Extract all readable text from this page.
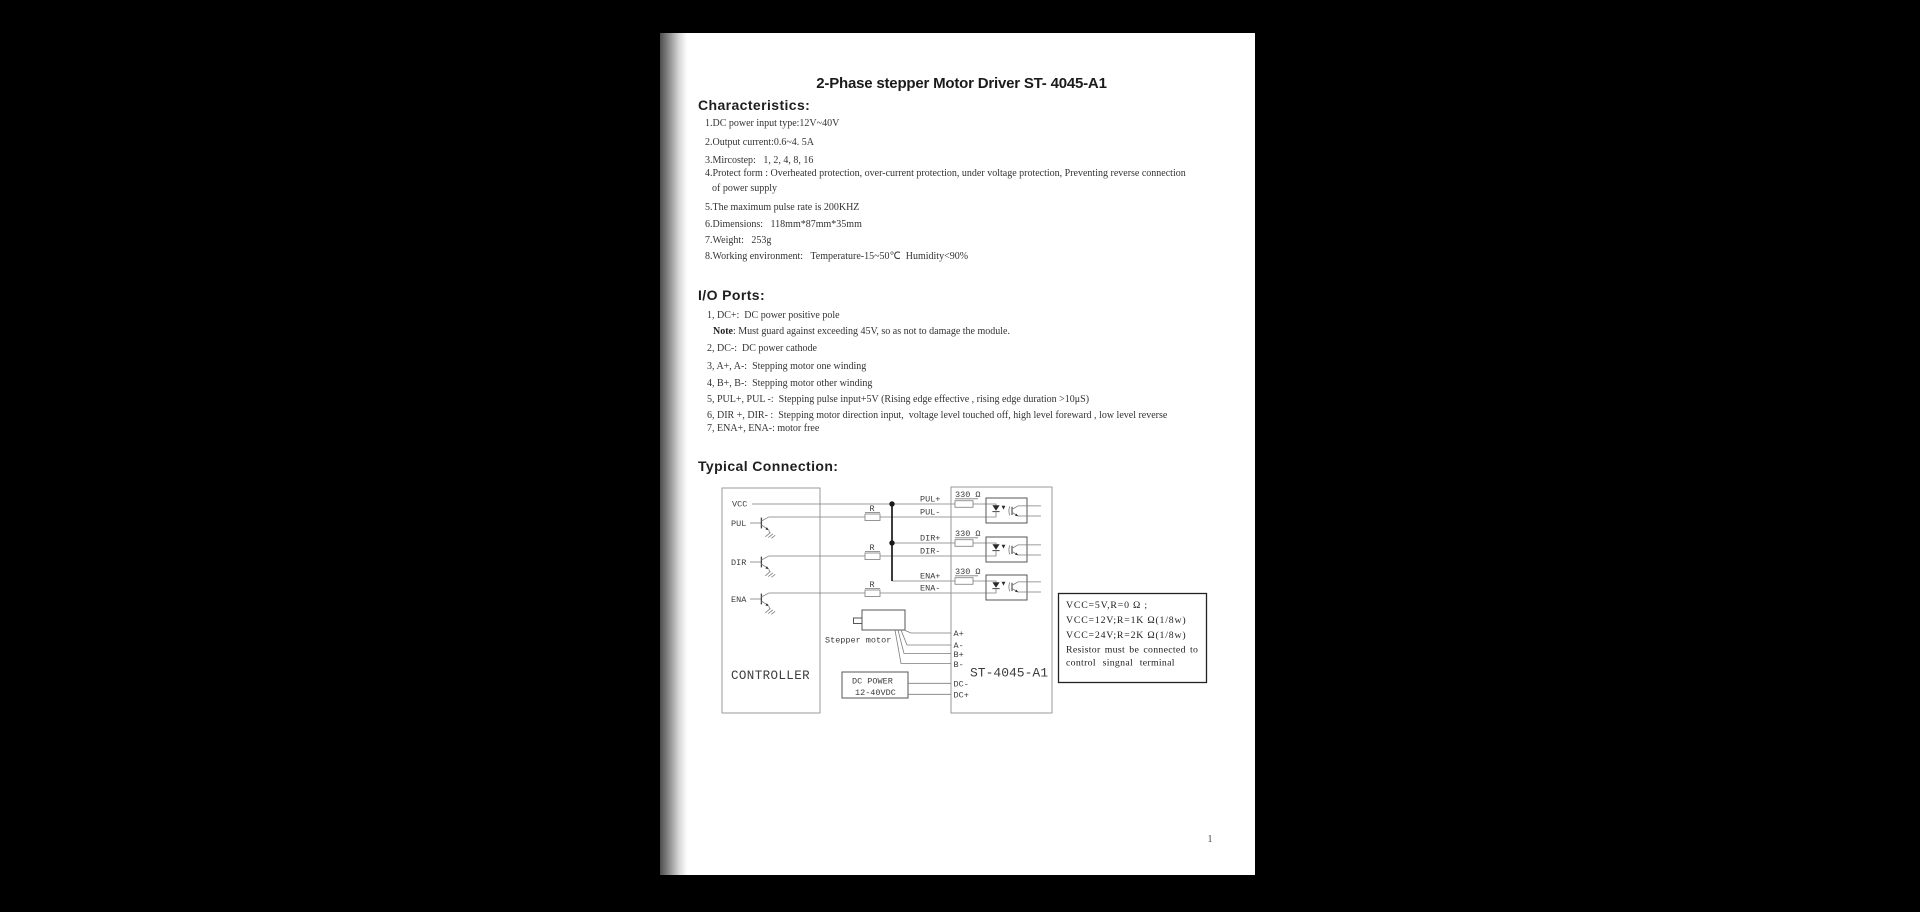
2-Phase stepper Motor Driver ST- 4045-A1
Characteristics:
1.DC power input type:12V~40V
2.Output current:0.6~4. 5A
3.Mircostep:   1, 2, 4, 8, 16
4.Protect form : Overheated protection, over-current protection, under voltage protection, Preventing reverse connection
of power supply
5.The maximum pulse rate is 200KHZ
6.Dimensions:   118mm*87mm*35mm
7.Weight:   253g
8.Working environment:   Temperature-15~50℃  Humidity<90%
I/O Ports:
1, DC+:  DC power positive pole
Note: Must guard against exceeding 45V, so as not to damage the module.
2, DC-:  DC power cathode
3, A+, A-:  Stepping motor one winding
4, B+, B-:  Stepping motor other winding
5, PUL+, PUL -:  Stepping pulse input+5V (Rising edge effective , rising edge duration >10μS)
6, DIR +, DIR- :  Stepping motor direction input,  voltage level touched off, high level foreward , low level reverse
7, ENA+, ENA-: motor free
Typical Connection:
VCC
PUL
DIR
ENA
CONTROLLER
R
R
R
PUL+
PUL-
DIR+
DIR-
ENA+
ENA-
ST-4045-A1
330 Ω
330 Ω
330 Ω
Stepper motor
A+
A-
B+
B-
DC POWER
12-40VDC
DC-
DC+
VCC=5V,R=0 Ω ;
VCC=12V;R=1K Ω(1/8w)
VCC=24V;R=2K Ω(1/8w)
Resistor must be connected to
control singnal terminal
1
